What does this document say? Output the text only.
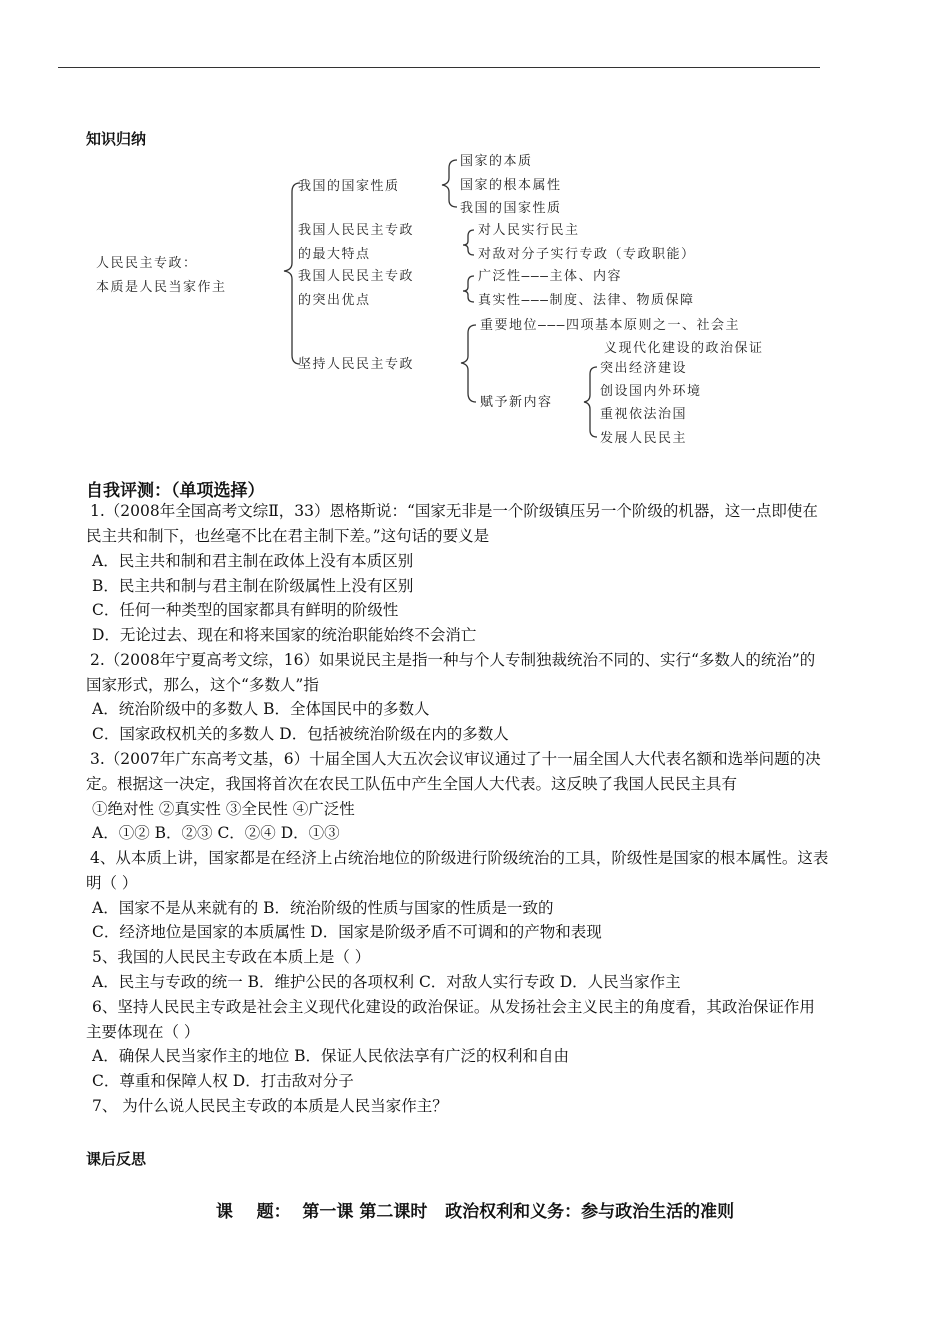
知识归纳
人民民主专政：
本质是人民当家作主
我国的国家性质
国家的本质
国家的根本属性
我国的国家性质
我国人民民主专政
的最大特点
对人民实行民主
对敌对分子实行专政（专政职能）
我国人民民主专政
的突出优点
广泛性———主体、内容
真实性———制度、法律、物质保障
坚持人民民主专政
重要地位———四项基本原则之一、社会主
义现代化建设的政治保证
赋予新内容
突出经济建设
创设国内外环境
重视依法治国
发展人民民主
自我评测：（单项选择）
1.（2008年全国高考文综Ⅱ，33）恩格斯说：“国家无非是一个阶级镇压另一个阶级的机器，这一点即使在
民主共和制下，也丝毫不比在君主制下差。”这句话的要义是
A．民主共和制和君主制在政体上没有本质区别
B．民主共和制与君主制在阶级属性上没有区别
C．任何一种类型的国家都具有鲜明的阶级性
D．无论过去、现在和将来国家的统治职能始终不会消亡
2.（2008年宁夏高考文综，16）如果说民主是指一种与个人专制独裁统治不同的、实行“多数人的统治”的
国家形式，那么，这个“多数人”指
A．统治阶级中的多数人 B．全体国民中的多数人
C．国家政权机关的多数人 D．包括被统治阶级在内的多数人
3.（2007年广东高考文基，6）十届全国人大五次会议审议通过了十一届全国人大代表名额和选举问题的决
定。根据这一决定，我国将首次在农民工队伍中产生全国人大代表。这反映了我国人民民主具有
①绝对性 ②真实性 ③全民性 ④广泛性
A．①② B．②③ C．②④ D．①③
4、从本质上讲，国家都是在经济上占统治地位的阶级进行阶级统治的工具，阶级性是国家的根本属性。这表
明（ ）
A．国家不是从来就有的 B．统治阶级的性质与国家的性质是一致的
C．经济地位是国家的本质属性 D．国家是阶级矛盾不可调和的产物和表现
5、我国的人民民主专政在本质上是（ ）
A．民主与专政的统一 B．维护公民的各项权利 C．对敌人实行专政 D．人民当家作主
6、坚持人民民主专政是社会主义现代化建设的政治保证。从发扬社会主义民主的角度看，其政治保证作用
主要体现在（ ）
A．确保人民当家作主的地位 B．保证人民依法享有广泛的权利和自由
C．尊重和保障人权 D．打击敌对分子
7、 为什么说人民民主专政的本质是人民当家作主？
课后反思
课    题：  第一课 第二课时   政治权利和义务：参与政治生活的准则
